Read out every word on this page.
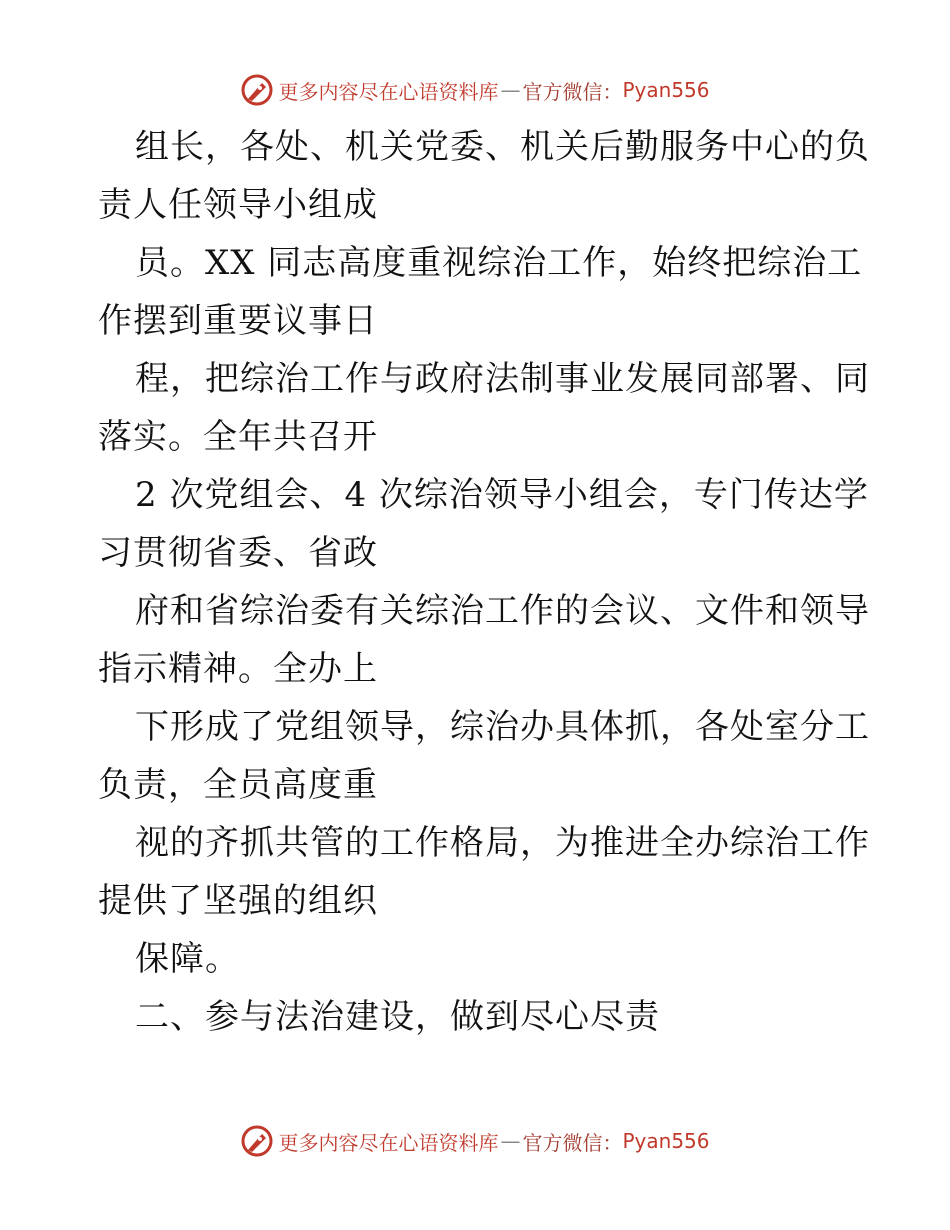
更多内容尽在心语资料库 — 官方微信： Pyan556
组长，各处、机关党委、机关后勤服务中心的负
责人任领导小组成
员。XX 同志高度重视综治工作，始终把综治工
作摆到重要议事日
程，把综治工作与政府法制事业发展同部署、同
落实。全年共召开
2 次党组会、4 次综治领导小组会，专门传达学
习贯彻省委、省政
府和省综治委有关综治工作的会议、文件和领导
指示精神。全办上
下形成了党组领导，综治办具体抓，各处室分工
负责，全员高度重
视的齐抓共管的工作格局，为推进全办综治工作
提供了坚强的组织
保障。
二、参与法治建设，做到尽心尽责
更多内容尽在心语资料库 — 官方微信： Pyan556
